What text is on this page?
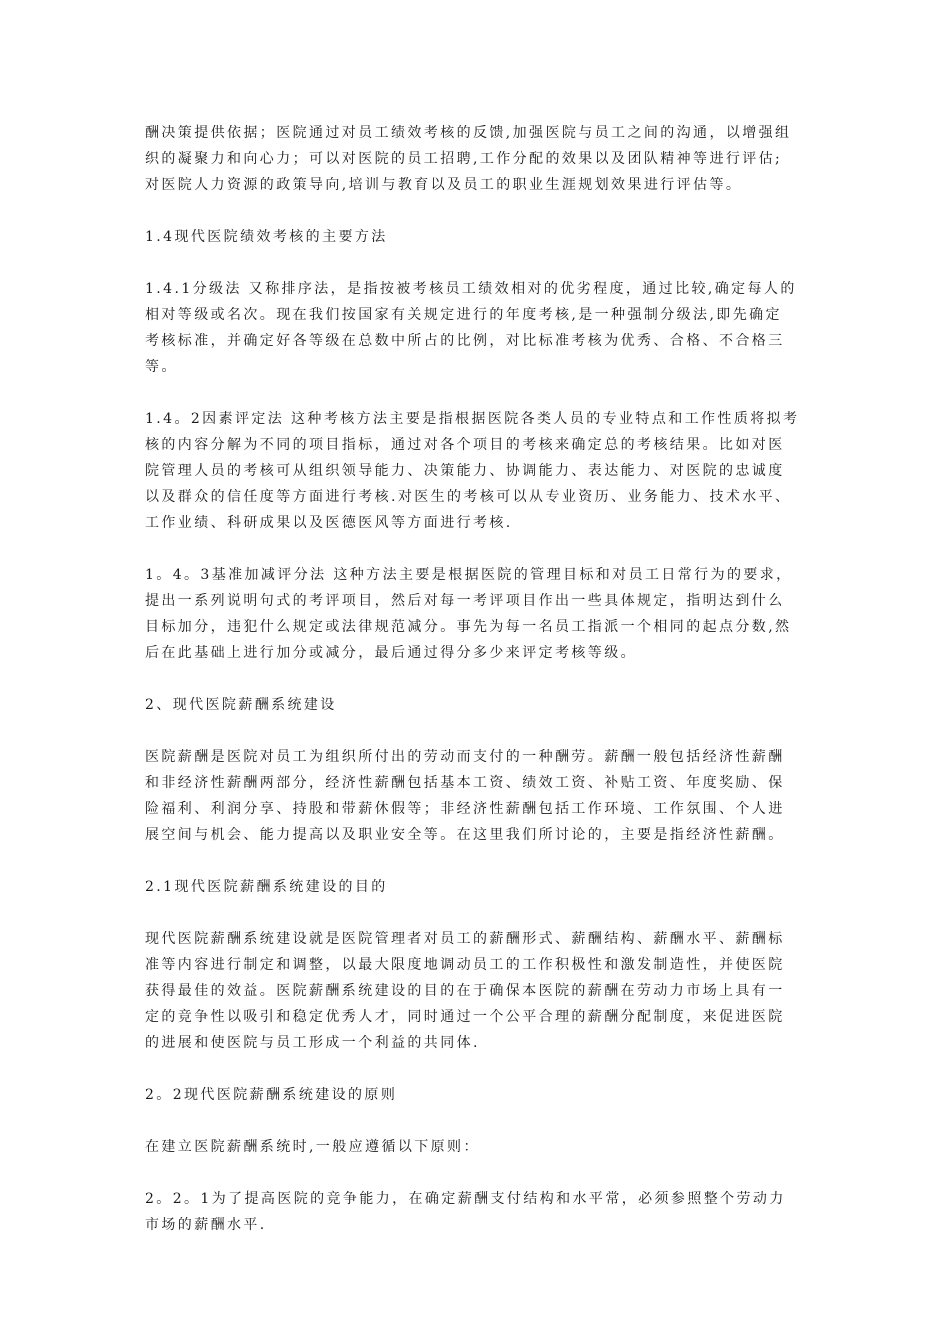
酬决策提供依据；医院通过对员工绩效考核的反馈,加强医院与员工之间的沟通，以增强组
织的凝聚力和向心力；可以对医院的员工招聘,工作分配的效果以及团队精神等进行评估;
对医院人力资源的政策导向,培训与教育以及员工的职业生涯规划效果进行评估等。
1.4现代医院绩效考核的主要方法
1.4.1分级法 又称排序法，是指按被考核员工绩效相对的优劣程度，通过比较,确定每人的
相对等级或名次。现在我们按国家有关规定进行的年度考核,是一种强制分级法,即先确定
考核标准，并确定好各等级在总数中所占的比例，对比标准考核为优秀、合格、不合格三
等。
1.4。2因素评定法 这种考核方法主要是指根据医院各类人员的专业特点和工作性质将拟考
核的内容分解为不同的项目指标，通过对各个项目的考核来确定总的考核结果。比如对医
院管理人员的考核可从组织领导能力、决策能力、协调能力、表达能力、对医院的忠诚度
以及群众的信任度等方面进行考核.对医生的考核可以从专业资历、业务能力、技术水平、
工作业绩、科研成果以及医德医风等方面进行考核.
1。4。3基准加减评分法 这种方法主要是根据医院的管理目标和对员工日常行为的要求，
提出一系列说明句式的考评项目，然后对每一考评项目作出一些具体规定，指明达到什么
目标加分，违犯什么规定或法律规范减分。事先为每一名员工指派一个相同的起点分数,然
后在此基础上进行加分或减分，最后通过得分多少来评定考核等级。
2、现代医院薪酬系统建设
医院薪酬是医院对员工为组织所付出的劳动而支付的一种酬劳。薪酬一般包括经济性薪酬
和非经济性薪酬两部分，经济性薪酬包括基本工资、绩效工资、补贴工资、年度奖励、保
险福利、利润分享、持股和带薪休假等；非经济性薪酬包括工作环境、工作氛围、个人进
展空间与机会、能力提高以及职业安全等。在这里我们所讨论的，主要是指经济性薪酬。
2.1现代医院薪酬系统建设的目的
现代医院薪酬系统建设就是医院管理者对员工的薪酬形式、薪酬结构、薪酬水平、薪酬标
准等内容进行制定和调整，以最大限度地调动员工的工作积极性和激发制造性，并使医院
获得最佳的效益。医院薪酬系统建设的目的在于确保本医院的薪酬在劳动力市场上具有一
定的竞争性以吸引和稳定优秀人才，同时通过一个公平合理的薪酬分配制度，来促进医院
的进展和使医院与员工形成一个利益的共同体.
2。2现代医院薪酬系统建设的原则
在建立医院薪酬系统时,一般应遵循以下原则：
2。2。1为了提高医院的竞争能力，在确定薪酬支付结构和水平常，必须参照整个劳动力
市场的薪酬水平.
